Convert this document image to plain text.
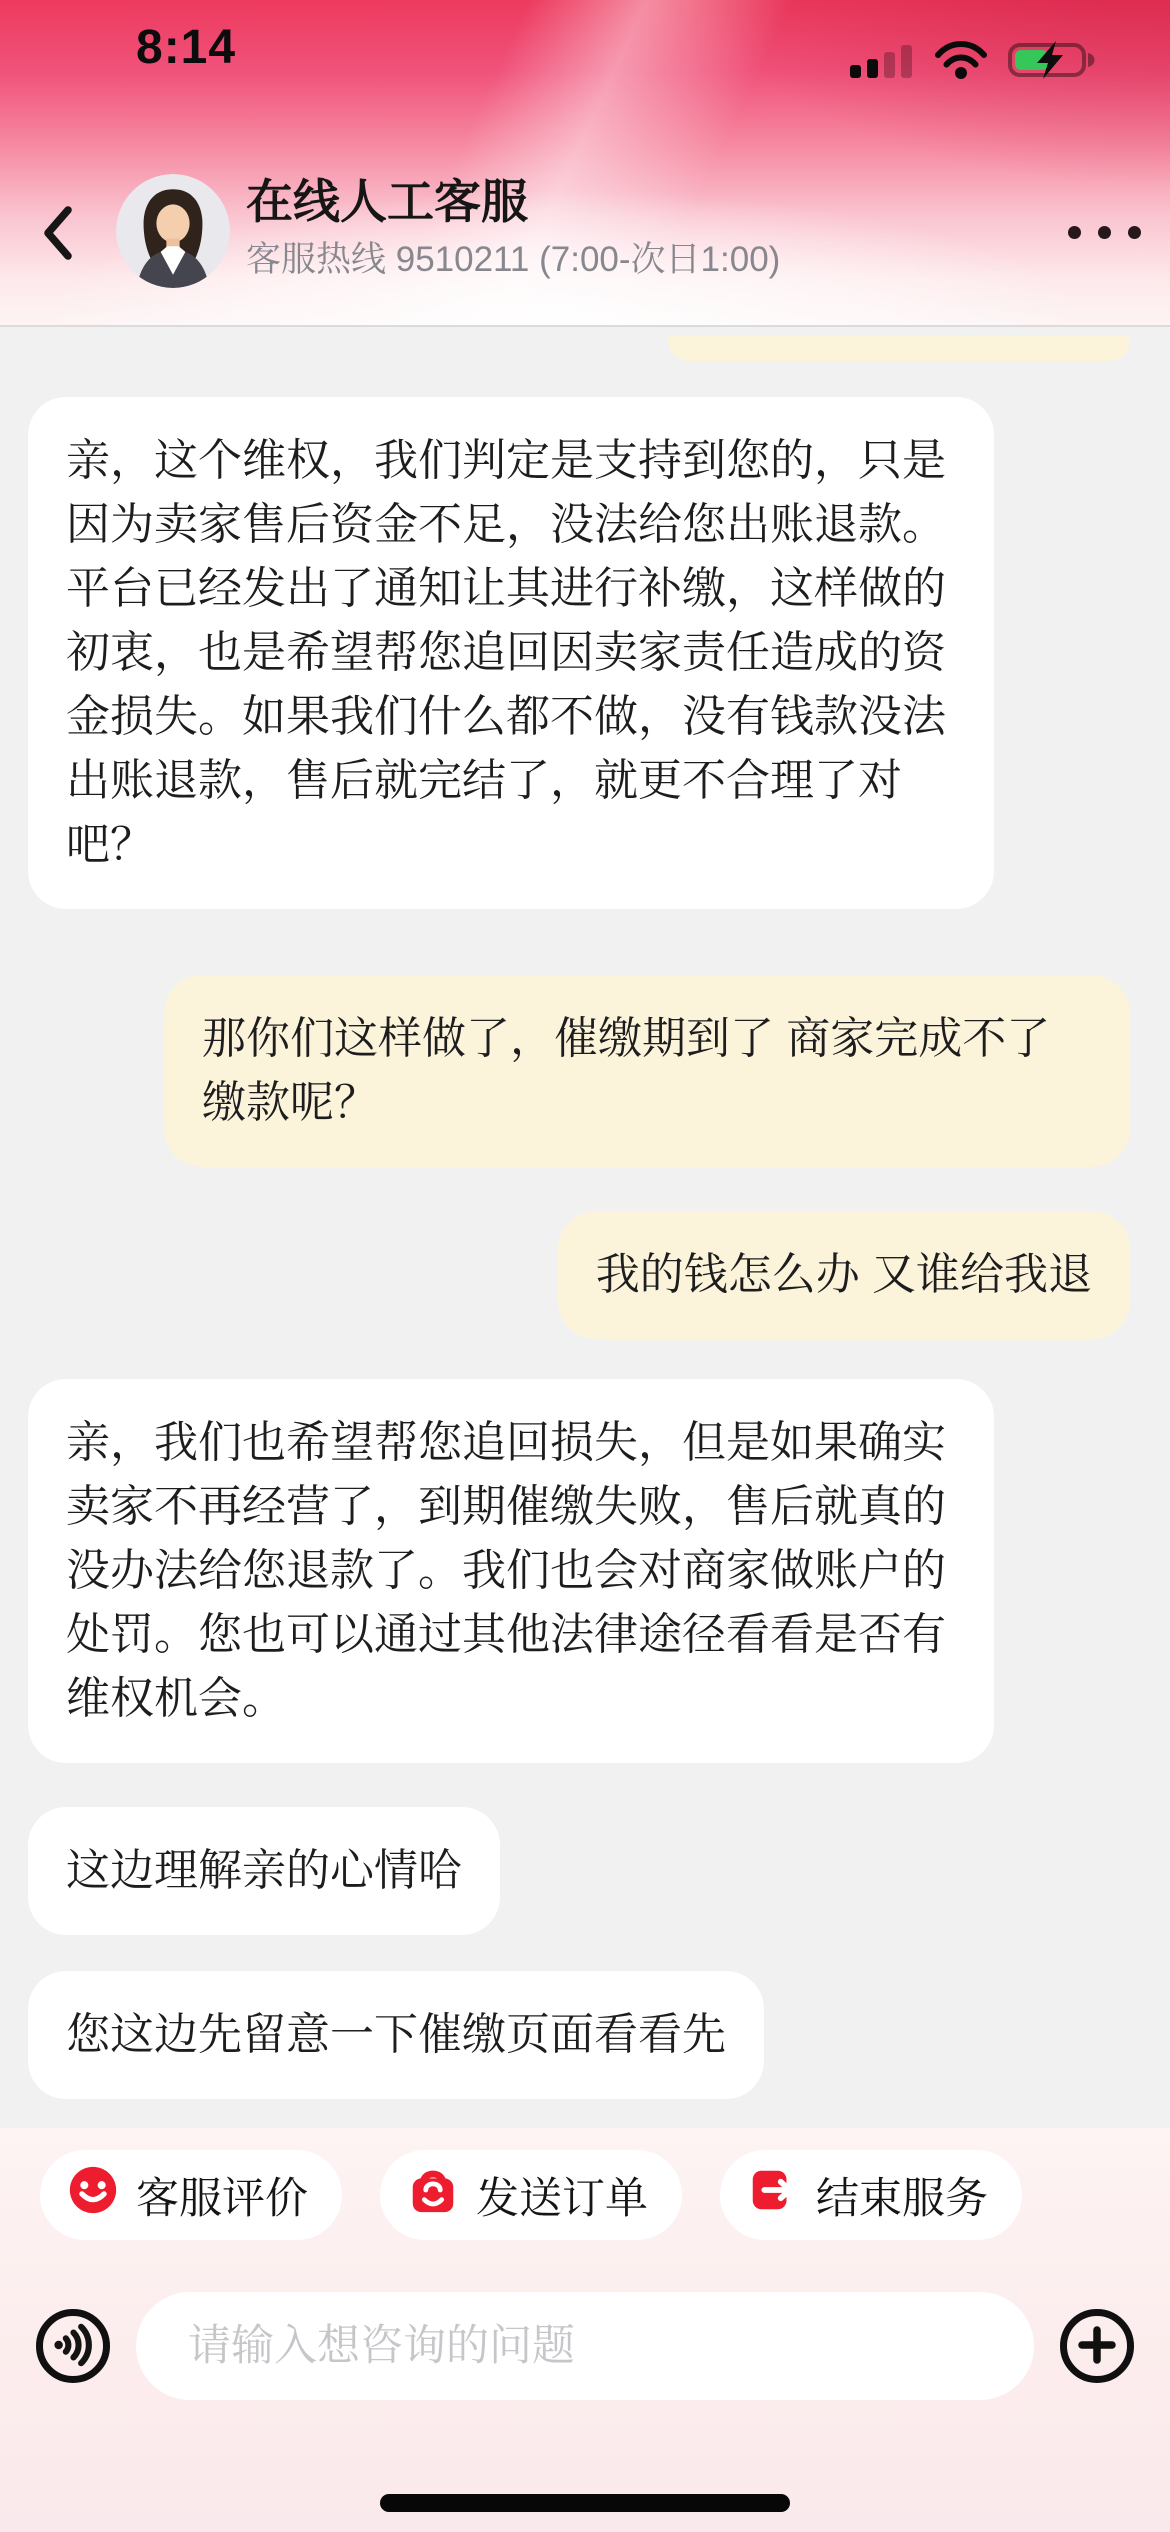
8:14
在线人工客服
客服热线 9510211 (7:00-次日1:00)
亲，这个维权，我们判定是支持到您的，只是因为卖家售后资金不足，没法给您出账退款。平台已经发出了通知让其进行补缴，这样做的初衷，也是希望帮您追回因卖家责任造成的资金损失。如果我们什么都不做，没有钱款没法出账退款，售后就完结了，就更不合理了对吧？
那你们这样做了，催缴期到了 商家完成不了缴款呢？
我的钱怎么办 又谁给我退
亲，我们也希望帮您追回损失，但是如果确实卖家不再经营了，到期催缴失败，售后就真的没办法给您退款了。我们也会对商家做账户的处罚。您也可以通过其他法律途径看看是否有维权机会。
这边理解亲的心情哈
您这边先留意一下催缴页面看看先
客服评价	发送订单	结束服务
请输入想咨询的问题
